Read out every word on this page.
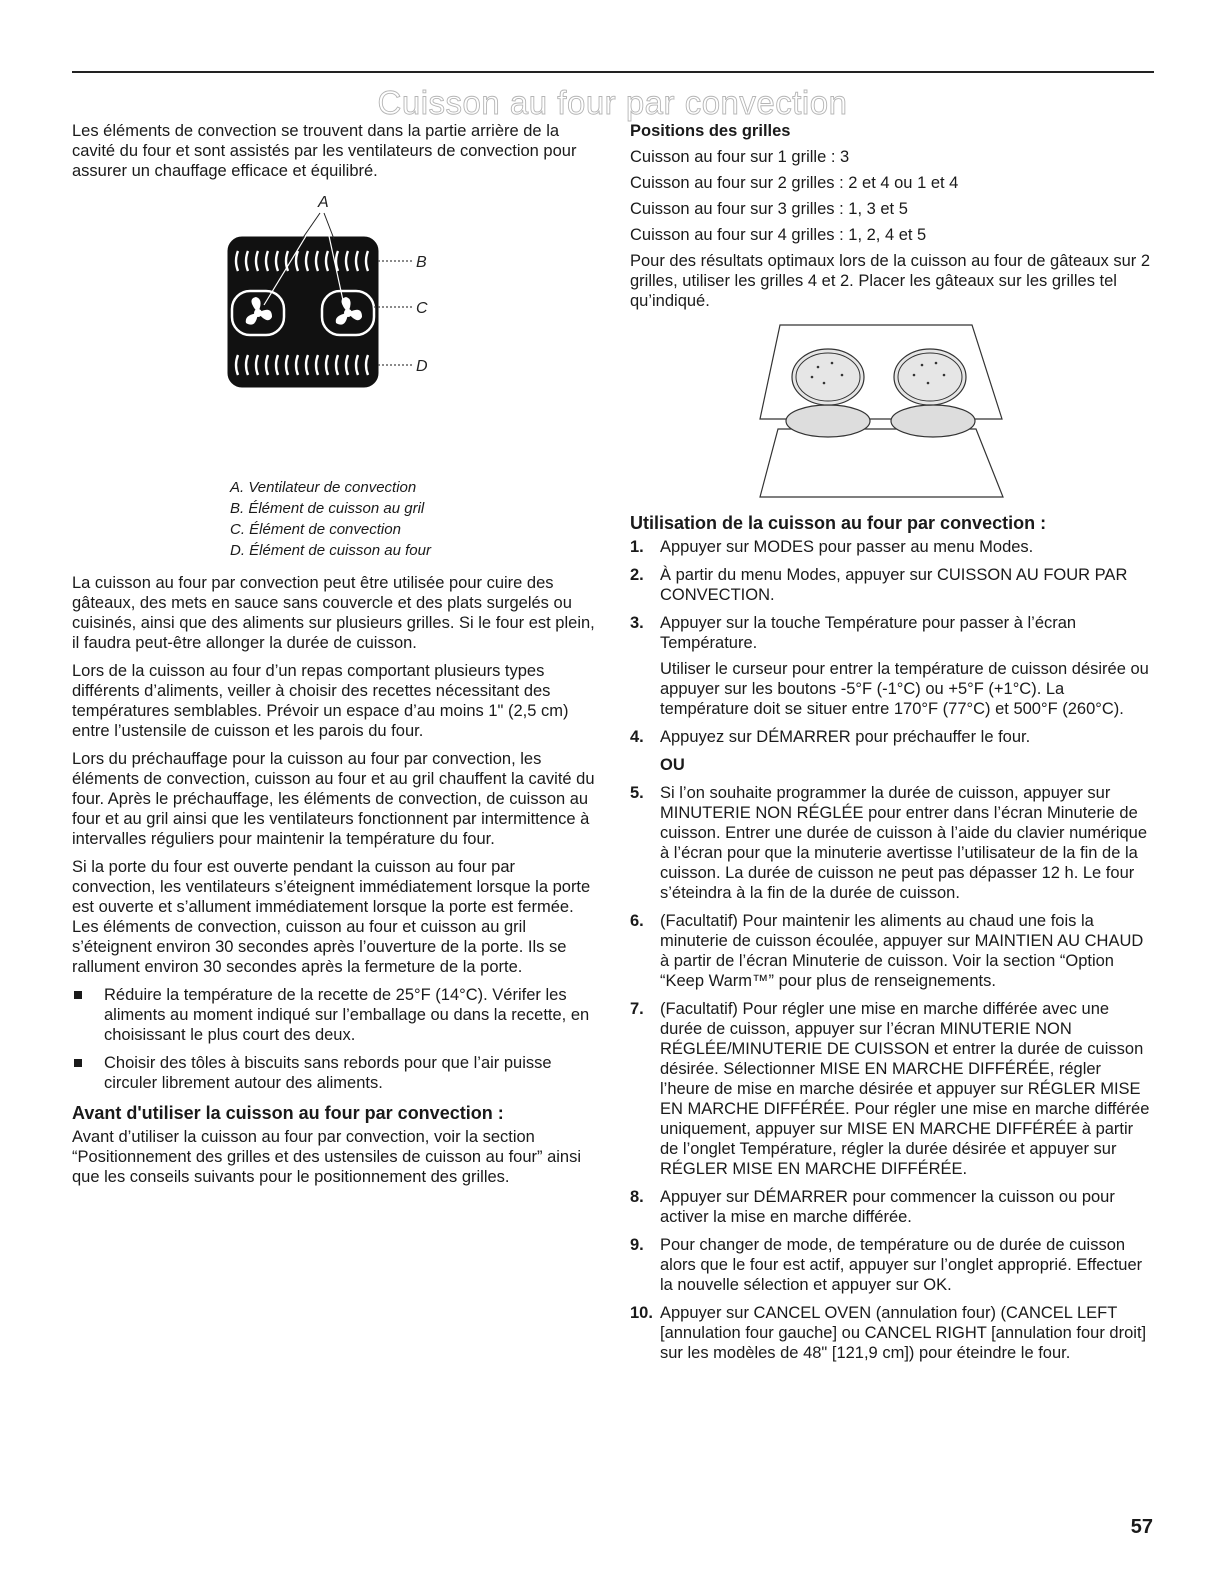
Cuisson au four par convection

Les éléments de convection se trouvent dans la partie arrière de la cavité du four et sont assistés par les ventilateurs de convection pour assurer un chauffage efficace et équilibré.

A
B
C
D
A. Ventilateur de convection
B. Élément de cuisson au gril
C. Élément de convection
D. Élément de cuisson au four

La cuisson au four par convection peut être utilisée pour cuire des gâteaux, des mets en sauce sans couvercle et des plats surgelés ou cuisinés, ainsi que des aliments sur plusieurs grilles. Si le four est plein, il faudra peut-être allonger la durée de cuisson.

Lors de la cuisson au four d’un repas comportant plusieurs types différents d’aliments, veiller à choisir des recettes nécessitant des températures semblables. Prévoir un espace d’au moins 1" (2,5 cm) entre l’ustensile de cuisson et les parois du four.

Lors du préchauffage pour la cuisson au four par convection, les éléments de convection, cuisson au four et au gril chauffent la cavité du four. Après le préchauffage, les éléments de convection, de cuisson au four et au gril ainsi que les ventilateurs fonctionnent par intermittence à intervalles réguliers pour maintenir la température du four.

Si la porte du four est ouverte pendant la cuisson au four par convection, les ventilateurs s’éteignent immédiatement lorsque la porte est ouverte et s’allument immédiatement lorsque la porte est fermée. Les éléments de convection, cuisson au four et cuisson au gril s’éteignent environ 30 secondes après l’ouverture de la porte. Ils se rallument environ 30 secondes après la fermeture de la porte.

Réduire la température de la recette de 25°F (14°C). Vérifer les aliments au moment indiqué sur l’emballage ou dans la recette, en choisissant le plus court des deux.
Choisir des tôles à biscuits sans rebords pour que l’air puisse circuler librement autour des aliments.
Avant d'utiliser la cuisson au four par convection :

Avant d’utiliser la cuisson au four par convection, voir la section “Positionnement des grilles et des ustensiles de cuisson au four” ainsi que les conseils suivants pour le positionnement des grilles.

Positions des grilles
Cuisson au four sur 1 grille : 3
Cuisson au four sur 2 grilles : 2 et 4 ou 1 et 4
Cuisson au four sur 3 grilles : 1, 3 et 5
Cuisson au four sur 4 grilles : 1, 2, 4 et 5

Pour des résultats optimaux lors de la cuisson au four de gâteaux sur 2 grilles, utiliser les grilles 4 et 2. Placer les gâteaux sur les grilles tel qu’indiqué.

Utilisation de la cuisson au four par convection :
1. Appuyer sur MODES pour passer au menu Modes.
2. À partir du menu Modes, appuyer sur CUISSON AU FOUR PAR CONVECTION.
3. Appuyer sur la touche Température pour passer à l’écran Température.
Utiliser le curseur pour entrer la température de cuisson désirée ou appuyer sur les boutons -5°F (-1°C) ou +5°F (+1°C). La température doit se situer entre 170°F (77°C) et 500°F (260°C).
4. Appuyez sur DÉMARRER pour préchauffer le four.
OU
5. Si l’on souhaite programmer la durée de cuisson, appuyer sur MINUTERIE NON RÉGLÉE pour entrer dans l’écran Minuterie de cuisson. Entrer une durée de cuisson à l’aide du clavier numérique à l’écran pour que la minuterie avertisse l’utilisateur de la fin de la cuisson. La durée de cuisson ne peut pas dépasser 12 h. Le four s’éteindra à la fin de la durée de cuisson.
6. (Facultatif) Pour maintenir les aliments au chaud une fois la minuterie de cuisson écoulée, appuyer sur MAINTIEN AU CHAUD à partir de l’écran Minuterie de cuisson. Voir la section “Option “Keep Warm™” pour plus de renseignements.
7. (Facultatif) Pour régler une mise en marche différée avec une durée de cuisson, appuyer sur l’écran MINUTERIE NON RÉGLÉE/MINUTERIE DE CUISSON et entrer la durée de cuisson désirée. Sélectionner MISE EN MARCHE DIFFÉRÉE, régler l’heure de mise en marche désirée et appuyer sur RÉGLER MISE EN MARCHE DIFFÉRÉE. Pour régler une mise en marche différée uniquement, appuyer sur MISE EN MARCHE DIFFÉRÉE à partir de l’onglet Température, régler la durée désirée et appuyer sur RÉGLER MISE EN MARCHE DIFFÉRÉE.
8. Appuyer sur DÉMARRER pour commencer la cuisson ou pour activer la mise en marche différée.
9. Pour changer de mode, de température ou de durée de cuisson alors que le four est actif, appuyer sur l’onglet approprié. Effectuer la nouvelle sélection et appuyer sur OK.
10. Appuyer sur CANCEL OVEN (annulation four) (CANCEL LEFT [annulation four gauche] ou CANCEL RIGHT [annulation four droit] sur les modèles de 48" [121,9 cm]) pour éteindre le four.
57
